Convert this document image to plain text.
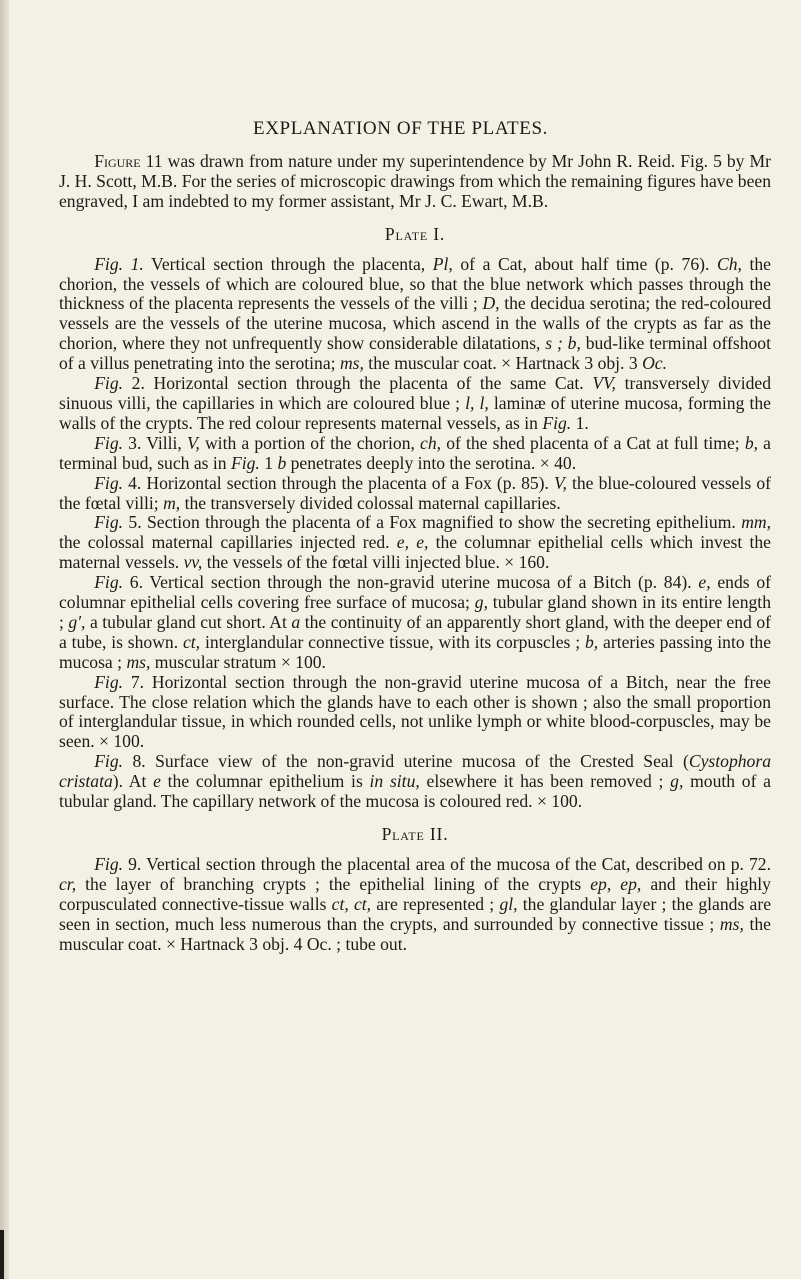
EXPLANATION OF THE PLATES.

Figure 11 was drawn from nature under my superintendence by Mr John R. Reid. Fig. 5 by Mr J. H. Scott, M.B. For the series of microscopic drawings from which the remaining figures have been engraved, I am indebted to my former assistant, Mr J. C. Ewart, M.B.

Plate I.

Fig. 1. Vertical section through the placenta, Pl, of a Cat, about half time (p. 76). Ch, the chorion, the vessels of which are coloured blue, so that the blue network which passes through the thickness of the placenta represents the vessels of the villi ; D, the decidua serotina; the red-coloured vessels are the vessels of the uterine mucosa, which ascend in the walls of the crypts as far as the chorion, where they not unfrequently show considerable dilatations, s ; b, bud-like terminal offshoot of a villus penetrating into the serotina; ms, the muscular coat. × Hartnack 3 obj. 3 Oc.

Fig. 2. Horizontal section through the placenta of the same Cat. VV, transversely divided sinuous villi, the capillaries in which are coloured blue ; l, l, laminæ of uterine mucosa, forming the walls of the crypts. The red colour represents maternal vessels, as in Fig. 1.

Fig. 3. Villi, V, with a portion of the chorion, ch, of the shed placenta of a Cat at full time; b, a terminal bud, such as in Fig. 1 b penetrates deeply into the serotina. × 40.

Fig. 4. Horizontal section through the placenta of a Fox (p. 85). V, the blue-coloured vessels of the fœtal villi; m, the transversely divided colossal maternal capillaries.

Fig. 5. Section through the placenta of a Fox magnified to show the secreting epithelium. mm, the colossal maternal capillaries injected red. e, e, the columnar epithelial cells which invest the maternal vessels. vv, the vessels of the fœtal villi injected blue. × 160.

Fig. 6. Vertical section through the non-gravid uterine mucosa of a Bitch (p. 84). e, ends of columnar epithelial cells covering free surface of mucosa; g, tubular gland shown in its entire length ; g′, a tubular gland cut short. At a the continuity of an apparently short gland, with the deeper end of a tube, is shown. ct, interglandular connective tissue, with its corpuscles ; b, arteries passing into the mucosa ; ms, muscular stratum × 100.

Fig. 7. Horizontal section through the non-gravid uterine mucosa of a Bitch, near the free surface. The close relation which the glands have to each other is shown ; also the small proportion of interglandular tissue, in which rounded cells, not unlike lymph or white blood-corpuscles, may be seen. × 100.

Fig. 8. Surface view of the non-gravid uterine mucosa of the Crested Seal (Cystophora cristata). At e the columnar epithelium is in situ, elsewhere it has been removed ; g, mouth of a tubular gland. The capillary network of the mucosa is coloured red. × 100.

Plate II.

Fig. 9. Vertical section through the placental area of the mucosa of the Cat, described on p. 72. cr, the layer of branching crypts ; the epithelial lining of the crypts ep, ep, and their highly corpusculated connective-tissue walls ct, ct, are represented ; gl, the glandular layer ; the glands are seen in section, much less numerous than the crypts, and surrounded by connective tissue ; ms, the muscular coat. × Hartnack 3 obj. 4 Oc. ; tube out.
